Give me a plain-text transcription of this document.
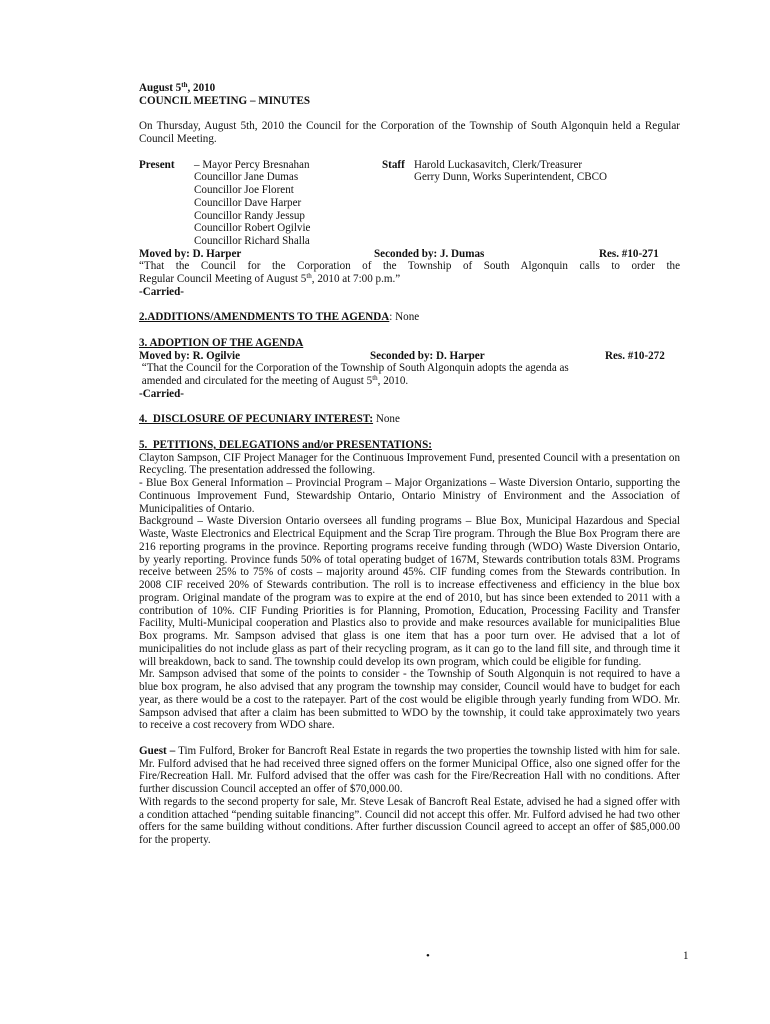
August 5th, 2010

COUNCIL MEETING – MINUTES

On Thursday, August 5th, 2010 the Council for the Corporation of the Township of South Algonquin held a Regular Council Meeting.

Present – Mayor Percy Bresnahan
Councillor Jane Dumas
Councillor Joe Florent
Councillor Dave Harper
Councillor Randy Jessup
Councillor Robert Ogilvie
Councillor Richard Shalla
Staff Harold Luckasavitch, Clerk/Treasurer
Gerry Dunn, Works Superintendent, CBCO
Moved by: D. Harper	Seconded by: J. Dumas	Res. #10-271

“That the Council for the Corporation of the Township of South Algonquin calls to order the

Regular Council Meeting of August 5th, 2010 at 7:00 p.m.”

-Carried-

2.ADDITIONS/AMENDMENTS TO THE AGENDA: None

3. ADOPTION OF THE AGENDA

Moved by: R. Ogilvie	Seconded by: D. Harper	Res. #10-272

“That the Council for the Corporation of the Township of South Algonquin adopts the agenda as

amended and circulated for the meeting of August 5th, 2010.

-Carried-

4.  DISCLOSURE OF PECUNIARY INTEREST: None

5.  PETITIONS, DELEGATIONS and/or PRESENTATIONS:

Clayton Sampson, CIF Project Manager for the Continuous Improvement Fund, presented Council with a presentation on Recycling. The presentation addressed the following.

- Blue Box General Information – Provincial Program – Major Organizations – Waste Diversion Ontario, supporting the Continuous Improvement Fund, Stewardship Ontario, Ontario Ministry of Environment and the Association of Municipalities of Ontario.

Background – Waste Diversion Ontario oversees all funding programs – Blue Box, Municipal Hazardous and Special Waste, Waste Electronics and Electrical Equipment and the Scrap Tire program. Through the Blue Box Program there are 216 reporting programs in the province. Reporting programs receive funding through (WDO) Waste Diversion Ontario, by yearly reporting. Province funds 50% of total operating budget of 167M, Stewards contribution totals 83M. Programs receive between 25% to 75% of costs – majority around 45%. CIF funding comes from the Stewards contribution. In 2008 CIF received 20% of Stewards contribution. The roll is to increase effectiveness and efficiency in the blue box program. Original mandate of the program was to expire at the end of 2010, but has since been extended to 2011 with a contribution of 10%. CIF Funding Priorities is for Planning, Promotion, Education, Processing Facility and Transfer Facility, Multi-Municipal cooperation and Plastics also to provide and make resources available for municipalities Blue Box programs. Mr. Sampson advised that glass is one item that has a poor turn over. He advised that a lot of municipalities do not include glass as part of their recycling program, as it can go to the land fill site, and through time it will breakdown, back to sand. The township could develop its own program, which could be eligible for funding.

Mr. Sampson advised that some of the points to consider - the Township of South Algonquin is not required to have a blue box program, he also advised that any program the township may consider, Council would have to budget for each year, as there would be a cost to the ratepayer. Part of the cost would be eligible through yearly funding from WDO. Mr. Sampson advised that after a claim has been submitted to WDO by the township, it could take approximately two years to receive a cost recovery from WDO share.

Guest – Tim Fulford, Broker for Bancroft Real Estate in regards the two properties the township listed with him for sale. Mr. Fulford advised that he had received three signed offers on the former Municipal Office, also one signed offer for the Fire/Recreation Hall. Mr. Fulford advised that the offer was cash for the Fire/Recreation Hall with no conditions. After further discussion Council accepted an offer of $70,000.00.

With regards to the second property for sale, Mr. Steve Lesak of Bancroft Real Estate, advised he had a signed offer with a condition attached “pending suitable financing”. Council did not accept this offer. Mr. Fulford advised he had two other offers for the same building without conditions. After further discussion Council agreed to accept an offer of $85,000.00 for the property.

•	1
